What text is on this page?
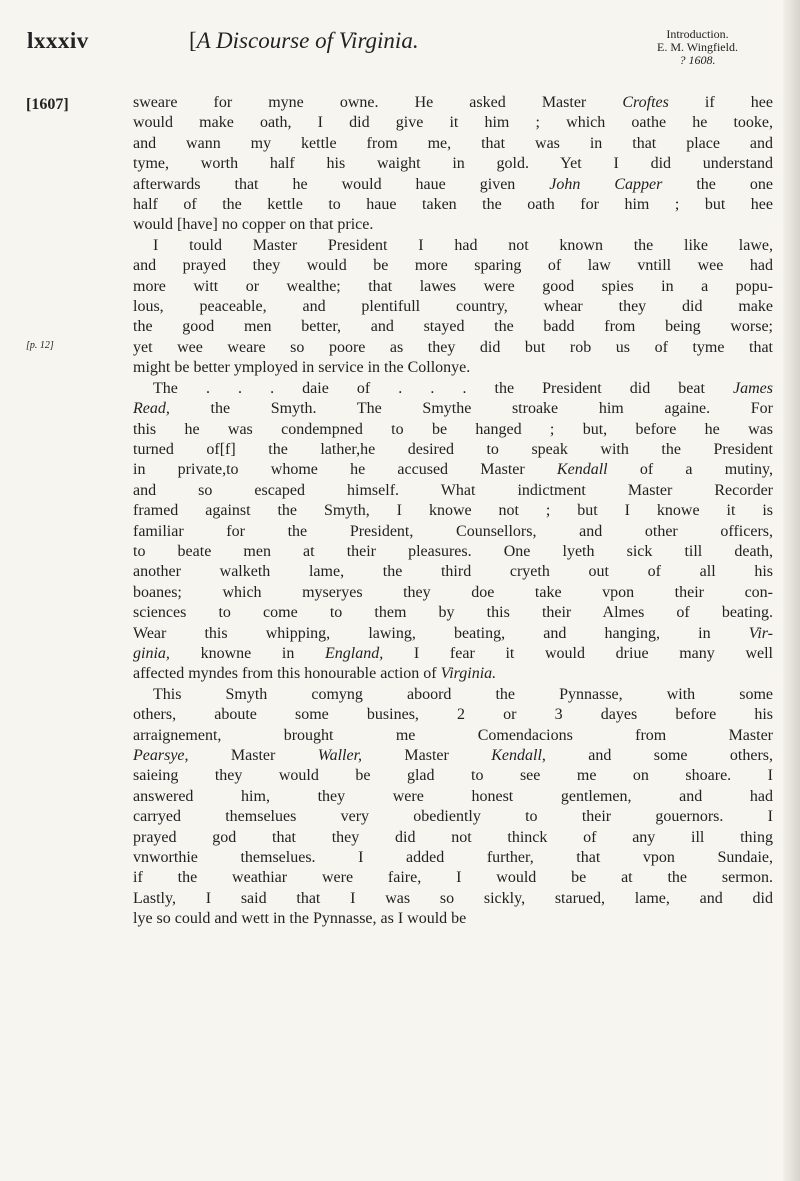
lxxxiv	[A Discourse of Virginia.	Introduction.
E. M. Wingfield.
? 1608.
[1607]
[p. 12]
sweare for myne owne. He asked Master Croftes if hee
would make oath, I did give it him ; which oathe he tooke,
and wann my kettle from me, that was in that place and
tyme, worth half his waight in gold. Yet I did understand
afterwards that he would haue given John Capper the one
half of the kettle to haue taken the oath for him ; but hee
would [have] no copper on that price.
I tould Master President I had not known the like lawe,
and prayed they would be more sparing of law vntill wee had
more witt or wealthe; that lawes were good spies in a popu-
lous, peaceable, and plentifull country, whear they did make
the good men better, and stayed the badd from being worse;
yet wee weare so poore as they did but rob us of tyme that
might be better ymployed in service in the Collonye.
The . . . daie of . . . the President did beat James
Read, the Smyth. The Smythe stroake him againe. For
this he was condempned to be hanged ; but, before he was
turned of[f] the lather,he desired to speak with the President
in private,to whome he accused Master Kendall of a mutiny,
and so escaped himself. What indictment Master Recorder
framed against the Smyth, I knowe not ; but I knowe it is
familiar for the President, Counsellors, and other officers,
to beate men at their pleasures. One lyeth sick till death,
another walketh lame, the third cryeth out of all his
boanes; which myseryes they doe take vpon their con-
sciences to come to them by this their Almes of beating.
Wear this whipping, lawing, beating, and hanging, in Vir-
ginia, knowne in England, I fear it would driue many well
affected myndes from this honourable action of Virginia.
This Smyth comyng aboord the Pynnasse, with some
others, aboute some busines, 2 or 3 dayes before his
arraignement, brought me Comendacions from Master
Pearsye, Master Waller, Master Kendall, and some others,
saieing they would be glad to see me on shoare. I
answered him, they were honest gentlemen, and had
carryed themselues very obediently to their gouernors. I
prayed god that they did not thinck of any ill thing
vnworthie themselues. I added further, that vpon Sundaie,
if the weathiar were faire, I would be at the sermon.
Lastly, I said that I was so sickly, starued, lame, and did
lye so could and wett in the Pynnasse, as I would be
